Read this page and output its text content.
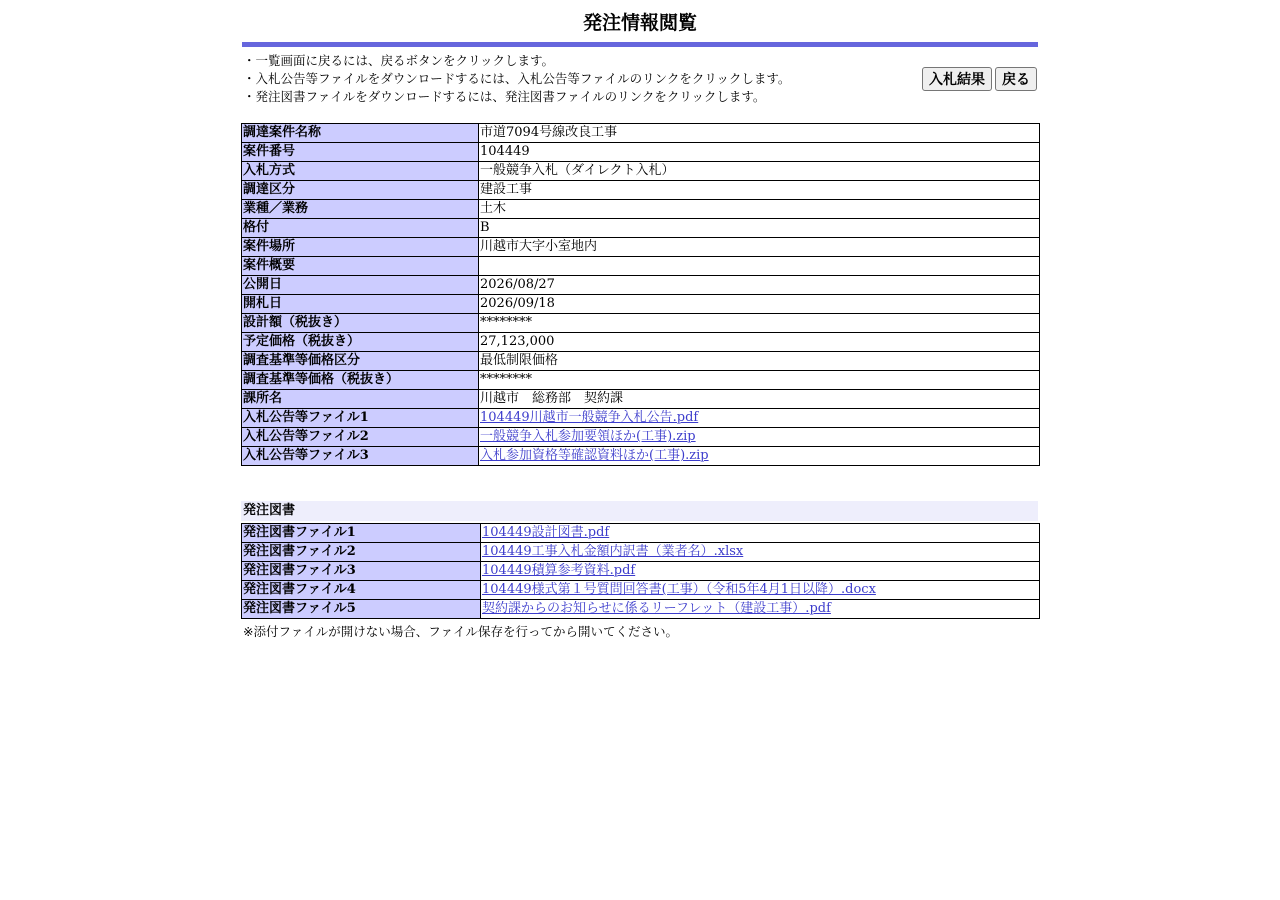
発注情報閲覧
・一覧画面に戻るには、戻るボタンをクリックします。
・入札公告等ファイルをダウンロードするには、入札公告等ファイルのリンクをクリックします。
・発注図書ファイルをダウンロードするには、発注図書ファイルのリンクをクリックします。
入札結果	戻る
調達案件名称	市道7094号線改良工事
案件番号	104449
入札方式	一般競争入札（ダイレクト入札）
調達区分	建設工事
業種／業務	土木
格付	B
案件場所	川越市大字小室地内
案件概要	
公開日	2026/08/27
開札日	2026/09/18
設計額（税抜き）	********
予定価格（税抜き）	27,123,000
調査基準等価格区分	最低制限価格
調査基準等価格（税抜き）	********
課所名	川越市　総務部　契約課
入札公告等ファイル1	104449川越市一般競争入札公告.pdf
入札公告等ファイル2	一般競争入札参加要領ほか(工事).zip
入札公告等ファイル3	入札参加資格等確認資料ほか(工事).zip
発注図書
発注図書ファイル1	104449設計図書.pdf
発注図書ファイル2	104449工事入札金額内訳書（業者名）.xlsx
発注図書ファイル3	104449積算参考資料.pdf
発注図書ファイル4	104449様式第１号質問回答書(工事）（令和5年4月1日以降）.docx
発注図書ファイル5	契約課からのお知らせに係るリーフレット（建設工事）.pdf
※添付ファイルが開けない場合、ファイル保存を行ってから開いてください。
